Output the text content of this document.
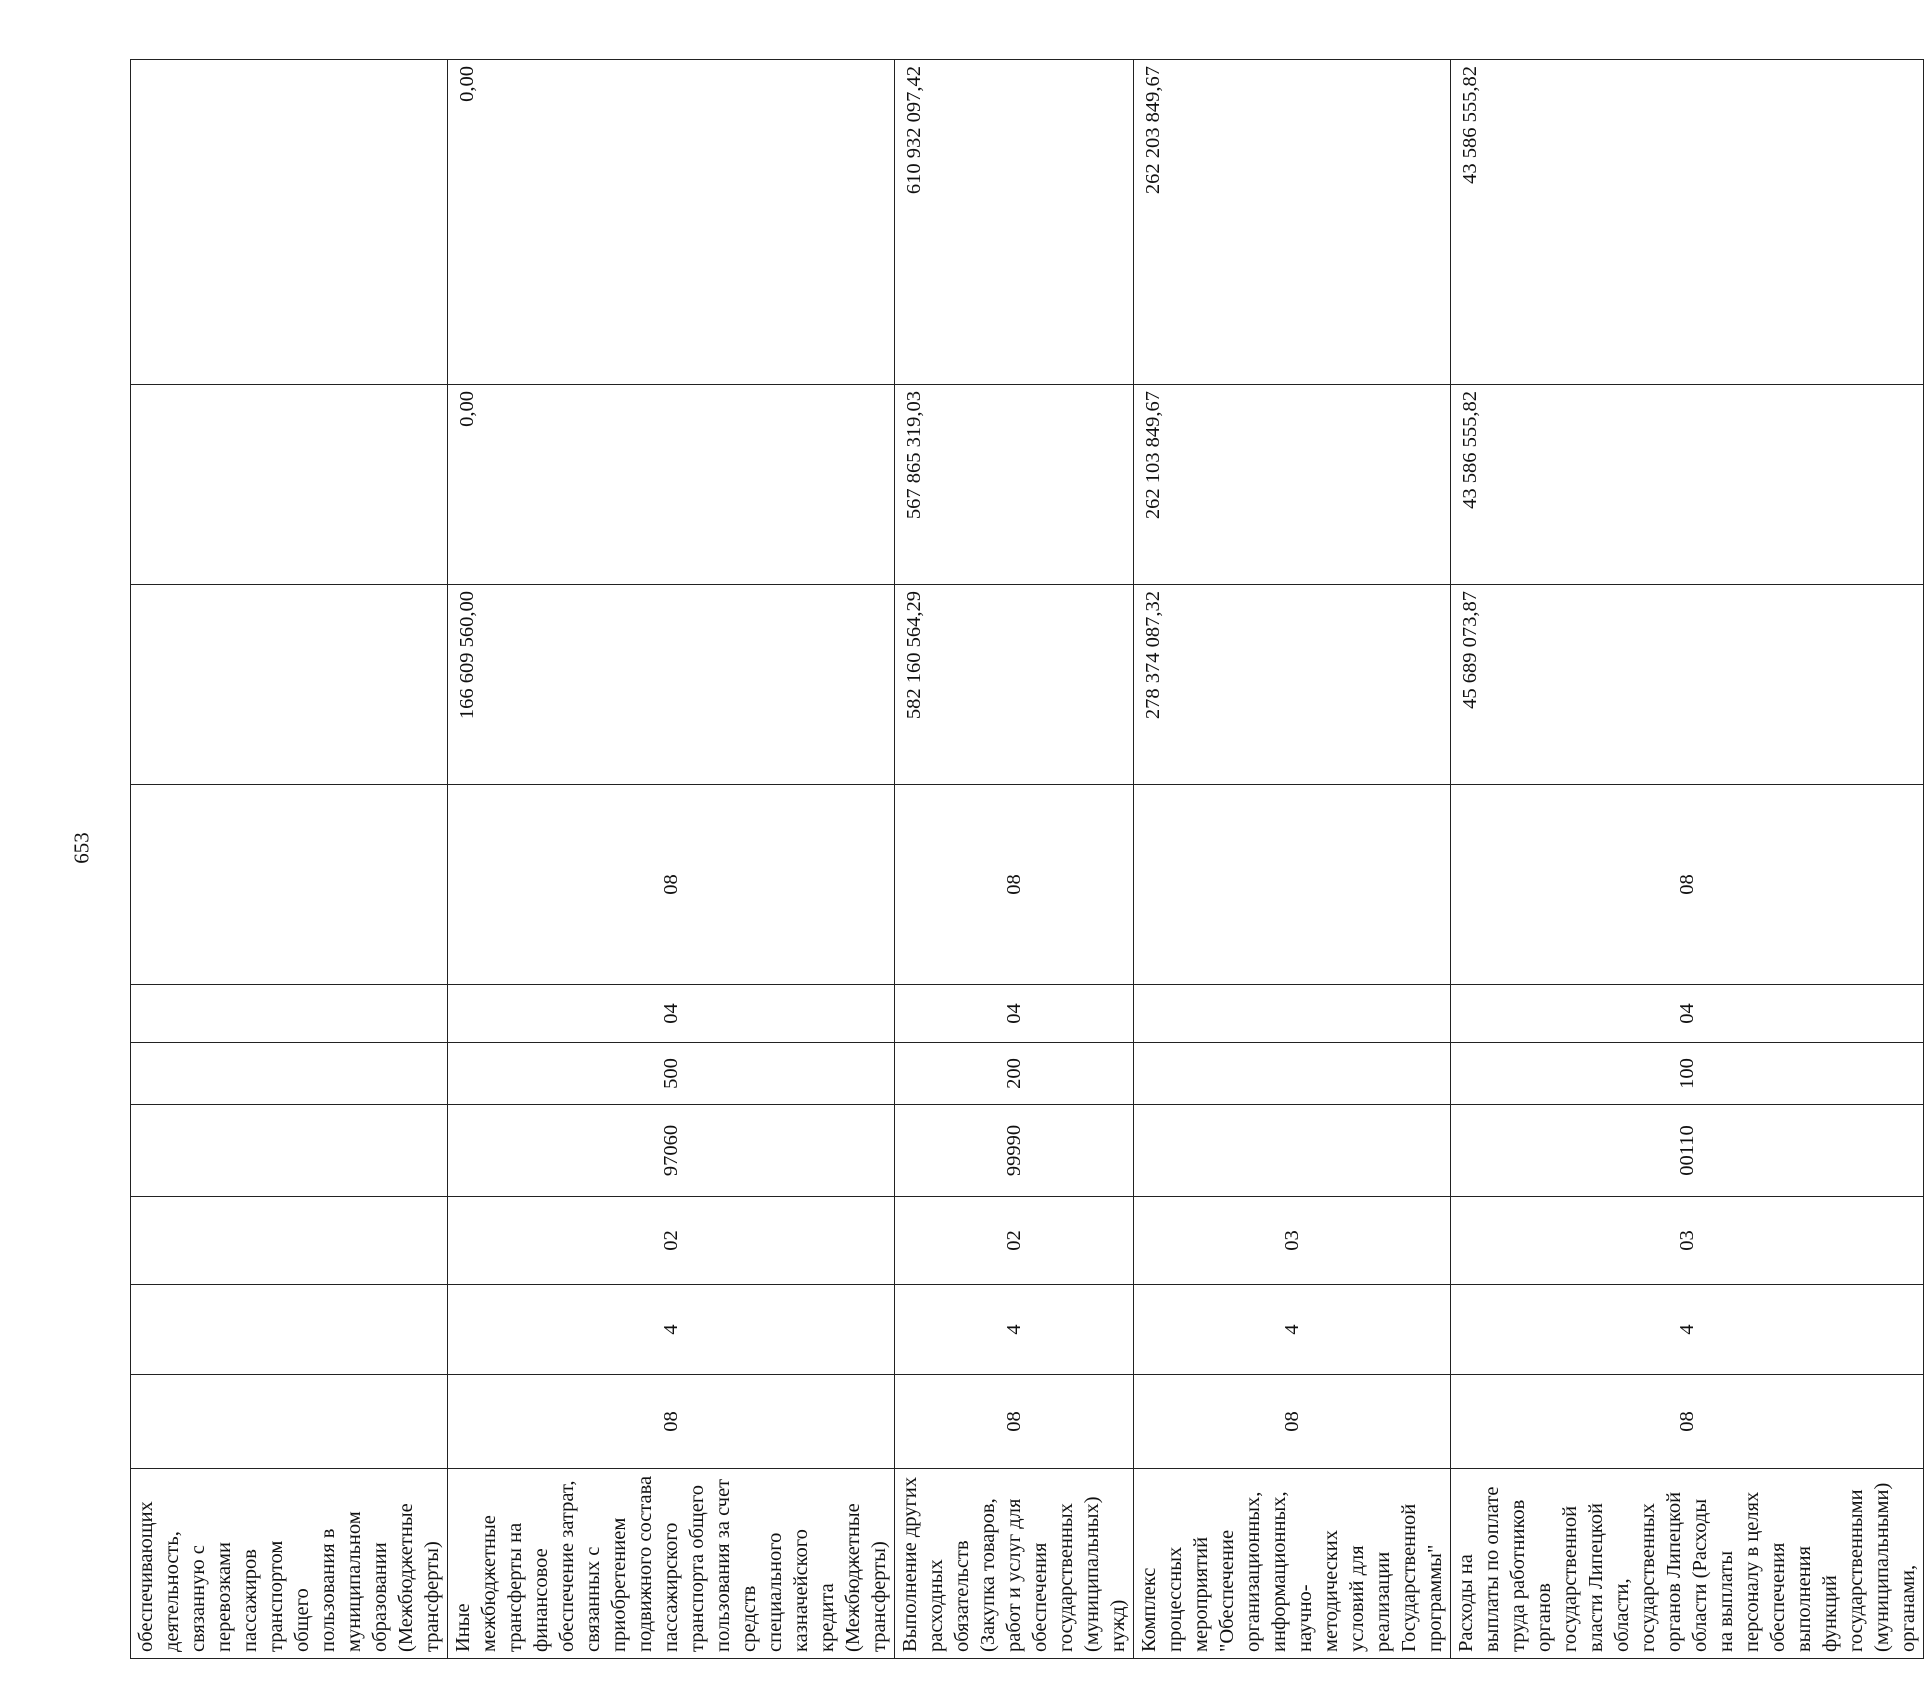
653
обеспечивающих деятельность, связанную с перевозками пассажиров транспортом общего пользования в муниципальном образовании (Межбюджетные трансферты)										
Иные межбюджетные трансферты на финансовое обеспечение затрат, связанных с приобретением подвижного состава пассажирского транспорта общего пользования за счет средств специального казначейского кредита (Межбюджетные трансферты)	08	4	02	97060	500	04	08	166 609 560,00	0,00	0,00
Выполнение других расходных обязательств (Закупка товаров, работ и услуг для обеспечения государственных (муниципальных) нужд)	08	4	02	99990	200	04	08	582 160 564,29	567 865 319,03	610 932 097,42
Комплекс процессных мероприятий "Обеспечение организационных, информационных, научно-методических условий для реализации Государственной программы"	08	4	03					278 374 087,32	262 103 849,67	262 203 849,67
Расходы на выплаты по оплате труда работников органов государственной власти Липецкой области, государственных органов Липецкой области (Расходы на выплаты персоналу в целях обеспечения выполнения функций государственными (муниципальными) органами,	08	4	03	00110	100	04	08	45 689 073,87	43 586 555,82	43 586 555,82
